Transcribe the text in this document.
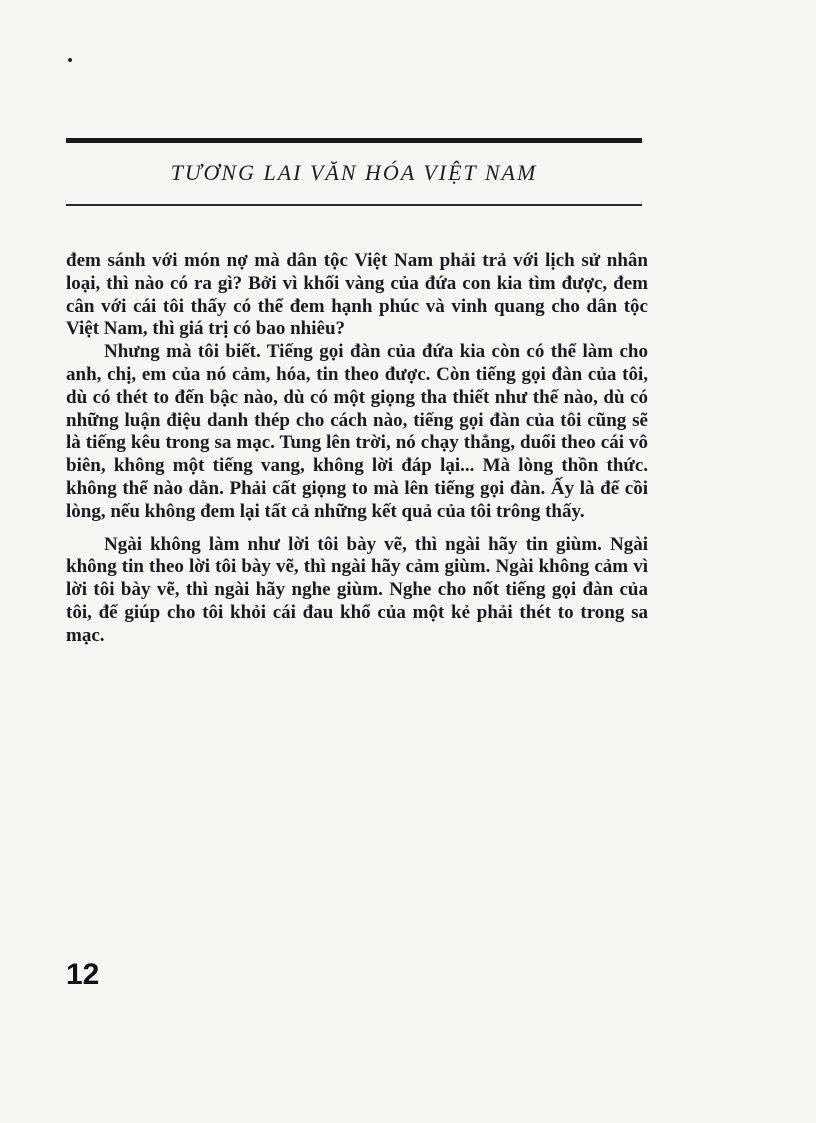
TƯƠNG LAI VĂN HÓA VIỆT NAM

đem sánh với món nợ mà dân tộc Việt Nam phải trả với lịch sử nhân loại, thì nào có ra gì? Bởi vì khối vàng của đứa con kia tìm được, đem cân với cái tôi thấy có thể đem hạnh phúc và vinh quang cho dân tộc Việt Nam, thì giá trị có bao nhiêu?

Nhưng mà tôi biết. Tiếng gọi đàn của đứa kia còn có thể làm cho anh, chị, em của nó cảm, hóa, tin theo được. Còn tiếng gọi đàn của tôi, dù có thét to đến bậc nào, dù có một giọng tha thiết như thế nào, dù có những luận điệu danh thép cho cách nào, tiếng gọi đàn của tôi cũng sẽ là tiếng kêu trong sa mạc. Tung lên trời, nó chạy thẳng, duổi theo cái vô biên, không một tiếng vang, không lời đáp lại... Mà lòng thồn thức. không thể nào dằn. Phải cất giọng to mà lên tiếng gọi đàn. Ấy là để cồi lòng, nếu không đem lại tất cả những kết quả của tôi trông thấy.

Ngài không làm như lời tôi bày vẽ, thì ngài hãy tin giùm. Ngài không tin theo lời tôi bày vẽ, thì ngài hãy cảm giùm. Ngài không cảm vì lời tôi bày vẽ, thì ngài hãy nghe giùm. Nghe cho nốt tiếng gọi đàn của tôi, để giúp cho tôi khỏi cái đau khổ của một kẻ phải thét to trong sa mạc.

12
